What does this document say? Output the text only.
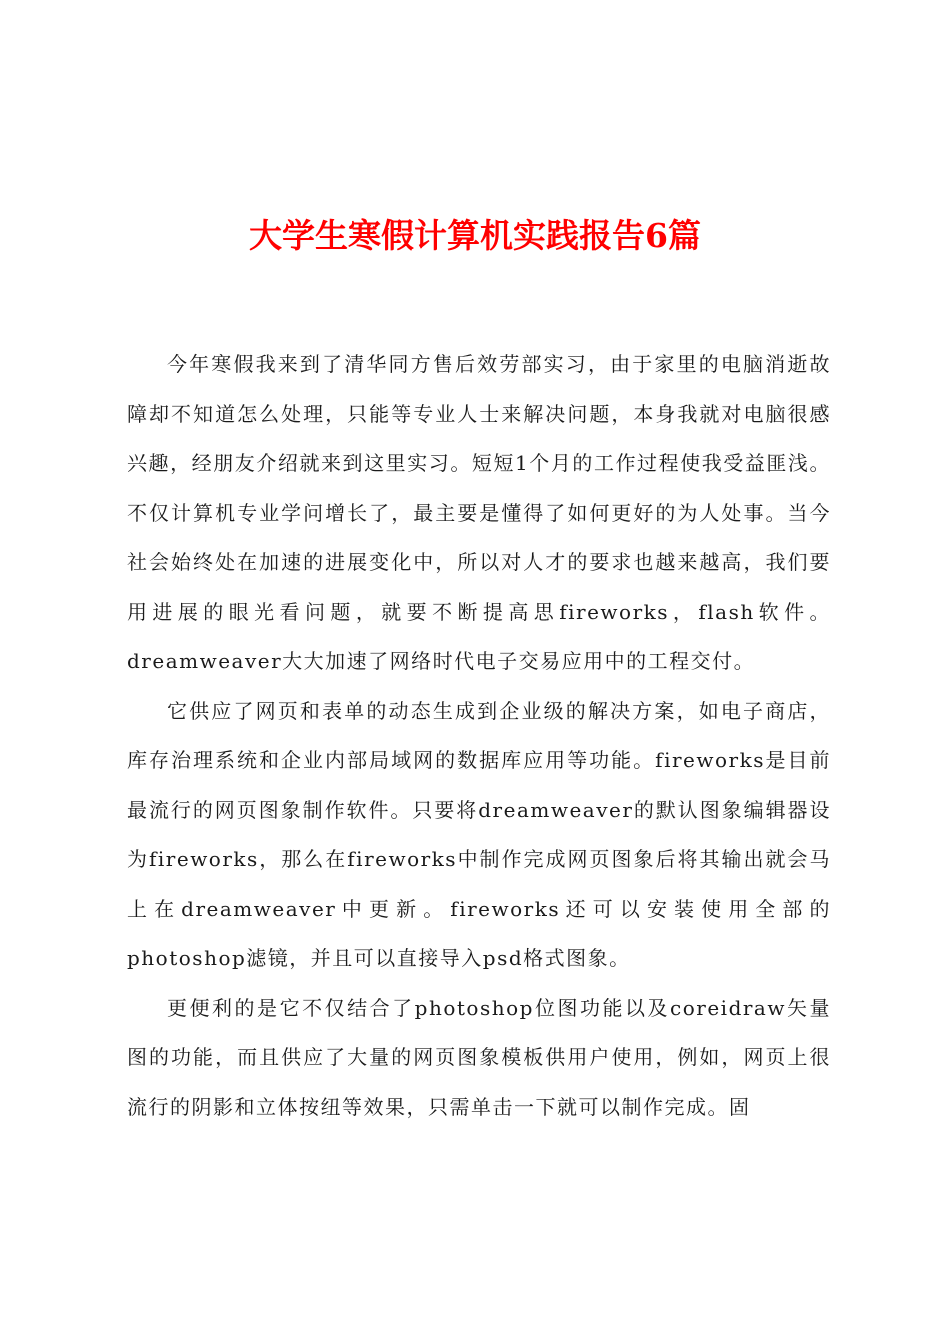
大学生寒假计算机实践报告6篇

今年寒假我来到了清华同方售后效劳部实习，由于家里的电脑消逝故障却不知道怎么处理，只能等专业人士来解决问题，本身我就对电脑很感兴趣，经朋友介绍就来到这里实习。短短1个月的工作过程使我受益匪浅。不仅计算机专业学问增长了，最主要是懂得了如何更好的为人处事。当今社会始终处在加速的进展变化中，所以对人才的要求也越来越高，我们要用进展的眼光看问题，就要不断提高思fireworks，flash软件。dreamweaver大大加速了网络时代电子交易应用中的工程交付。

它供应了网页和表单的动态生成到企业级的解决方案，如电子商店，库存治理系统和企业内部局域网的数据库应用等功能。fireworks是目前最流行的网页图象制作软件。只要将dreamweaver的默认图象编辑器设为fireworks，那么在fireworks中制作完成网页图象后将其输出就会马上在dreamweaver中更新。fireworks还可以安装使用全部的photoshop滤镜，并且可以直接导入psd格式图象。

更便利的是它不仅结合了photoshop位图功能以及coreidraw矢量图的功能，而且供应了大量的网页图象模板供用户使用，例如，网页上很流行的阴影和立体按纽等效果，只需单击一下就可以制作完成。固
